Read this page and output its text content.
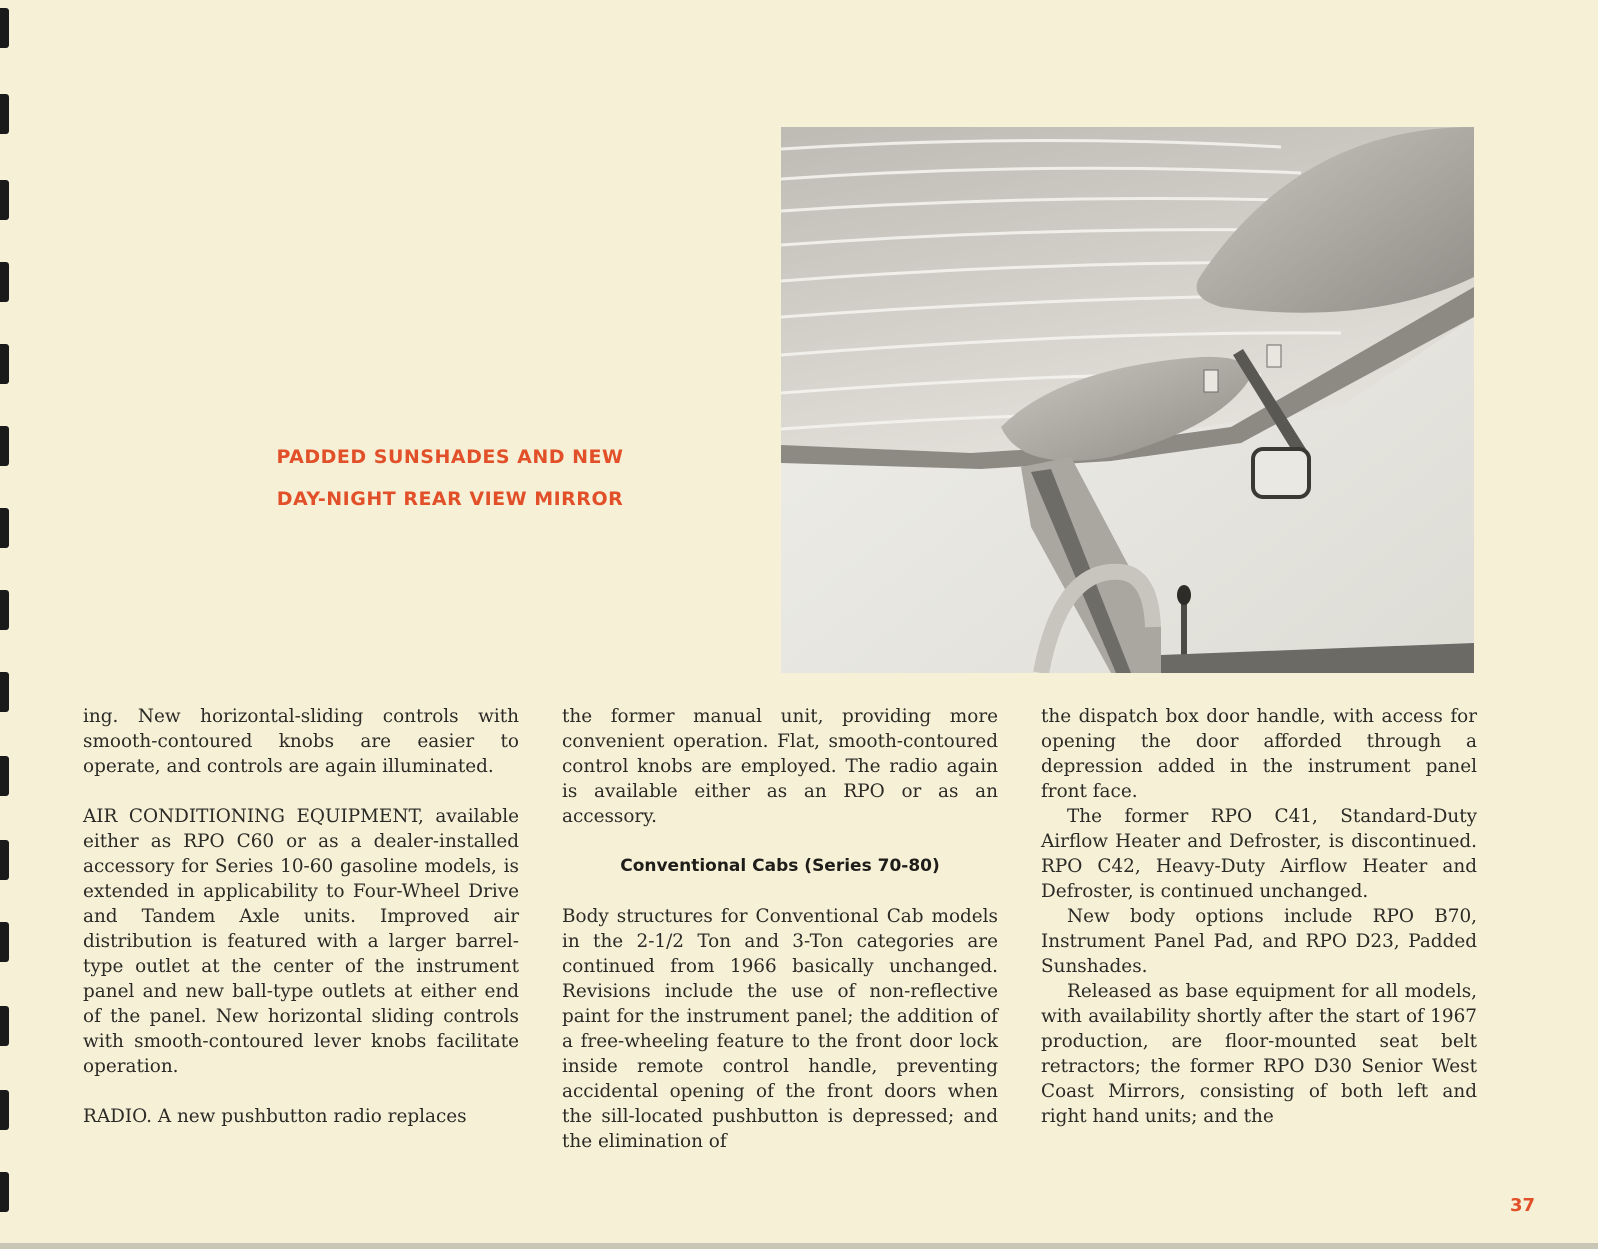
PADDED SUNSHADES AND NEW
DAY-NIGHT REAR VIEW MIRROR

ing. New horizontal-sliding controls with smooth-contoured knobs are easier to operate, and controls are again illuminated.

AIR CONDITIONING EQUIPMENT, available either as RPO C60 or as a dealer-installed accessory for Series 10-60 gasoline models, is extended in applicability to Four-Wheel Drive and Tandem Axle units. Improved air distribution is featured with a larger barrel-type outlet at the center of the instrument panel and new ball-type outlets at either end of the panel. New horizontal sliding controls with smooth-contoured lever knobs facilitate operation.

RADIO. A new pushbutton radio replaces

the former manual unit, providing more convenient operation. Flat, smooth-contoured control knobs are employed. The radio again is available either as an RPO or as an accessory.

Conventional Cabs (Series 70-80)

Body structures for Conventional Cab models in the 2-1/2 Ton and 3-Ton categories are continued from 1966 basically unchanged. Revisions include the use of non-reflective paint for the instrument panel; the addition of a free-wheeling feature to the front door lock inside remote control handle, preventing accidental opening of the front doors when the sill-located pushbutton is depressed; and the elimination of

the dispatch box door handle, with access for opening the door afforded through a depression added in the instrument panel front face.

The former RPO C41, Standard-Duty Airflow Heater and Defroster, is discontinued. RPO C42, Heavy-Duty Airflow Heater and Defroster, is continued unchanged.

New body options include RPO B70, Instrument Panel Pad, and RPO D23, Padded Sunshades.

Released as base equipment for all models, with availability shortly after the start of 1967 production, are floor-mounted seat belt retractors; the former RPO D30 Senior West Coast Mirrors, consisting of both left and right hand units; and the

37
